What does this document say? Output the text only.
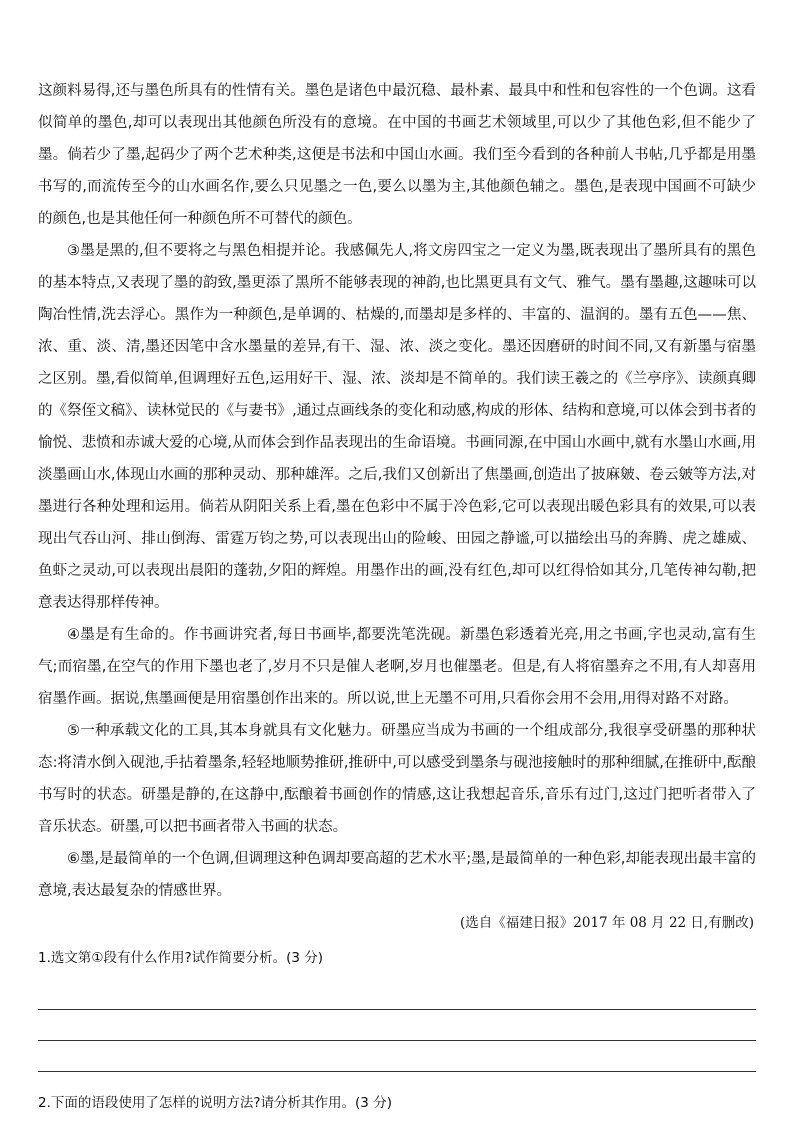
这颜料易得,还与墨色所具有的性情有关。墨色是诸色中最沉稳、最朴素、最具中和性和包容性的一个色调。这看似简单的墨色,却可以表现出其他颜色所没有的意境。在中国的书画艺术领域里,可以少了其他色彩,但不能少了墨。倘若少了墨,起码少了两个艺术种类,这便是书法和中国山水画。我们至今看到的各种前人书帖,几乎都是用墨书写的,而流传至今的山水画名作,要么只见墨之一色,要么以墨为主,其他颜色辅之。墨色,是表现中国画不可缺少的颜色,也是其他任何一种颜色所不可替代的颜色。

③墨是黑的,但不要将之与黑色相提并论。我感佩先人,将文房四宝之一定义为墨,既表现出了墨所具有的黑色的基本特点,又表现了墨的韵致,墨更添了黑所不能够表现的神韵,也比黑更具有文气、雅气。墨有墨趣,这趣味可以陶冶性情,洗去浮心。黑作为一种颜色,是单调的、枯燥的,而墨却是多样的、丰富的、温润的。墨有五色——焦、浓、重、淡、清,墨还因笔中含水墨量的差异,有干、湿、浓、淡之变化。墨还因磨研的时间不同,又有新墨与宿墨之区别。墨,看似简单,但调理好五色,运用好干、湿、浓、淡却是不简单的。我们读王羲之的《兰亭序》、读颜真卿的《祭侄文稿》、读林觉民的《与妻书》,通过点画线条的变化和动感,构成的形体、结构和意境,可以体会到书者的愉悦、悲愤和赤诚大爱的心境,从而体会到作品表现出的生命语境。书画同源,在中国山水画中,就有水墨山水画,用淡墨画山水,体现山水画的那种灵动、那种雄浑。之后,我们又创新出了焦墨画,创造出了披麻皴、卷云皴等方法,对墨进行各种处理和运用。倘若从阴阳关系上看,墨在色彩中不属于冷色彩,它可以表现出暖色彩具有的效果,可以表现出气吞山河、排山倒海、雷霆万钧之势,可以表现出山的险峻、田园之静谧,可以描绘出马的奔腾、虎之雄威、鱼虾之灵动,可以表现出晨阳的蓬勃,夕阳的辉煌。用墨作出的画,没有红色,却可以红得恰如其分,几笔传神勾勒,把意表达得那样传神。

④墨是有生命的。作书画讲究者,每日书画毕,都要洗笔洗砚。新墨色彩透着光亮,用之书画,字也灵动,富有生气;而宿墨,在空气的作用下墨也老了,岁月不只是催人老啊,岁月也催墨老。但是,有人将宿墨弃之不用,有人却喜用宿墨作画。据说,焦墨画便是用宿墨创作出来的。所以说,世上无墨不可用,只看你会用不会用,用得对路不对路。

⑤一种承载文化的工具,其本身就具有文化魅力。研墨应当成为书画的一个组成部分,我很享受研墨的那种状态:将清水倒入砚池,手拈着墨条,轻轻地顺势推研,推研中,可以感受到墨条与砚池接触时的那种细腻,在推研中,酝酿书写时的状态。研墨是静的,在这静中,酝酿着书画创作的情感,这让我想起音乐,音乐有过门,这过门把听者带入了音乐状态。研墨,可以把书画者带入书画的状态。

⑥墨,是最简单的一个色调,但调理这种色调却要高超的艺术水平;墨,是最简单的一种色彩,却能表现出最丰富的意境,表达最复杂的情感世界。

(选自《福建日报》2017 年 08 月 22 日,有删改)

1.选文第①段有什么作用?试作简要分析。(3 分)

2.下面的语段使用了怎样的说明方法?请分析其作用。(3 分)
